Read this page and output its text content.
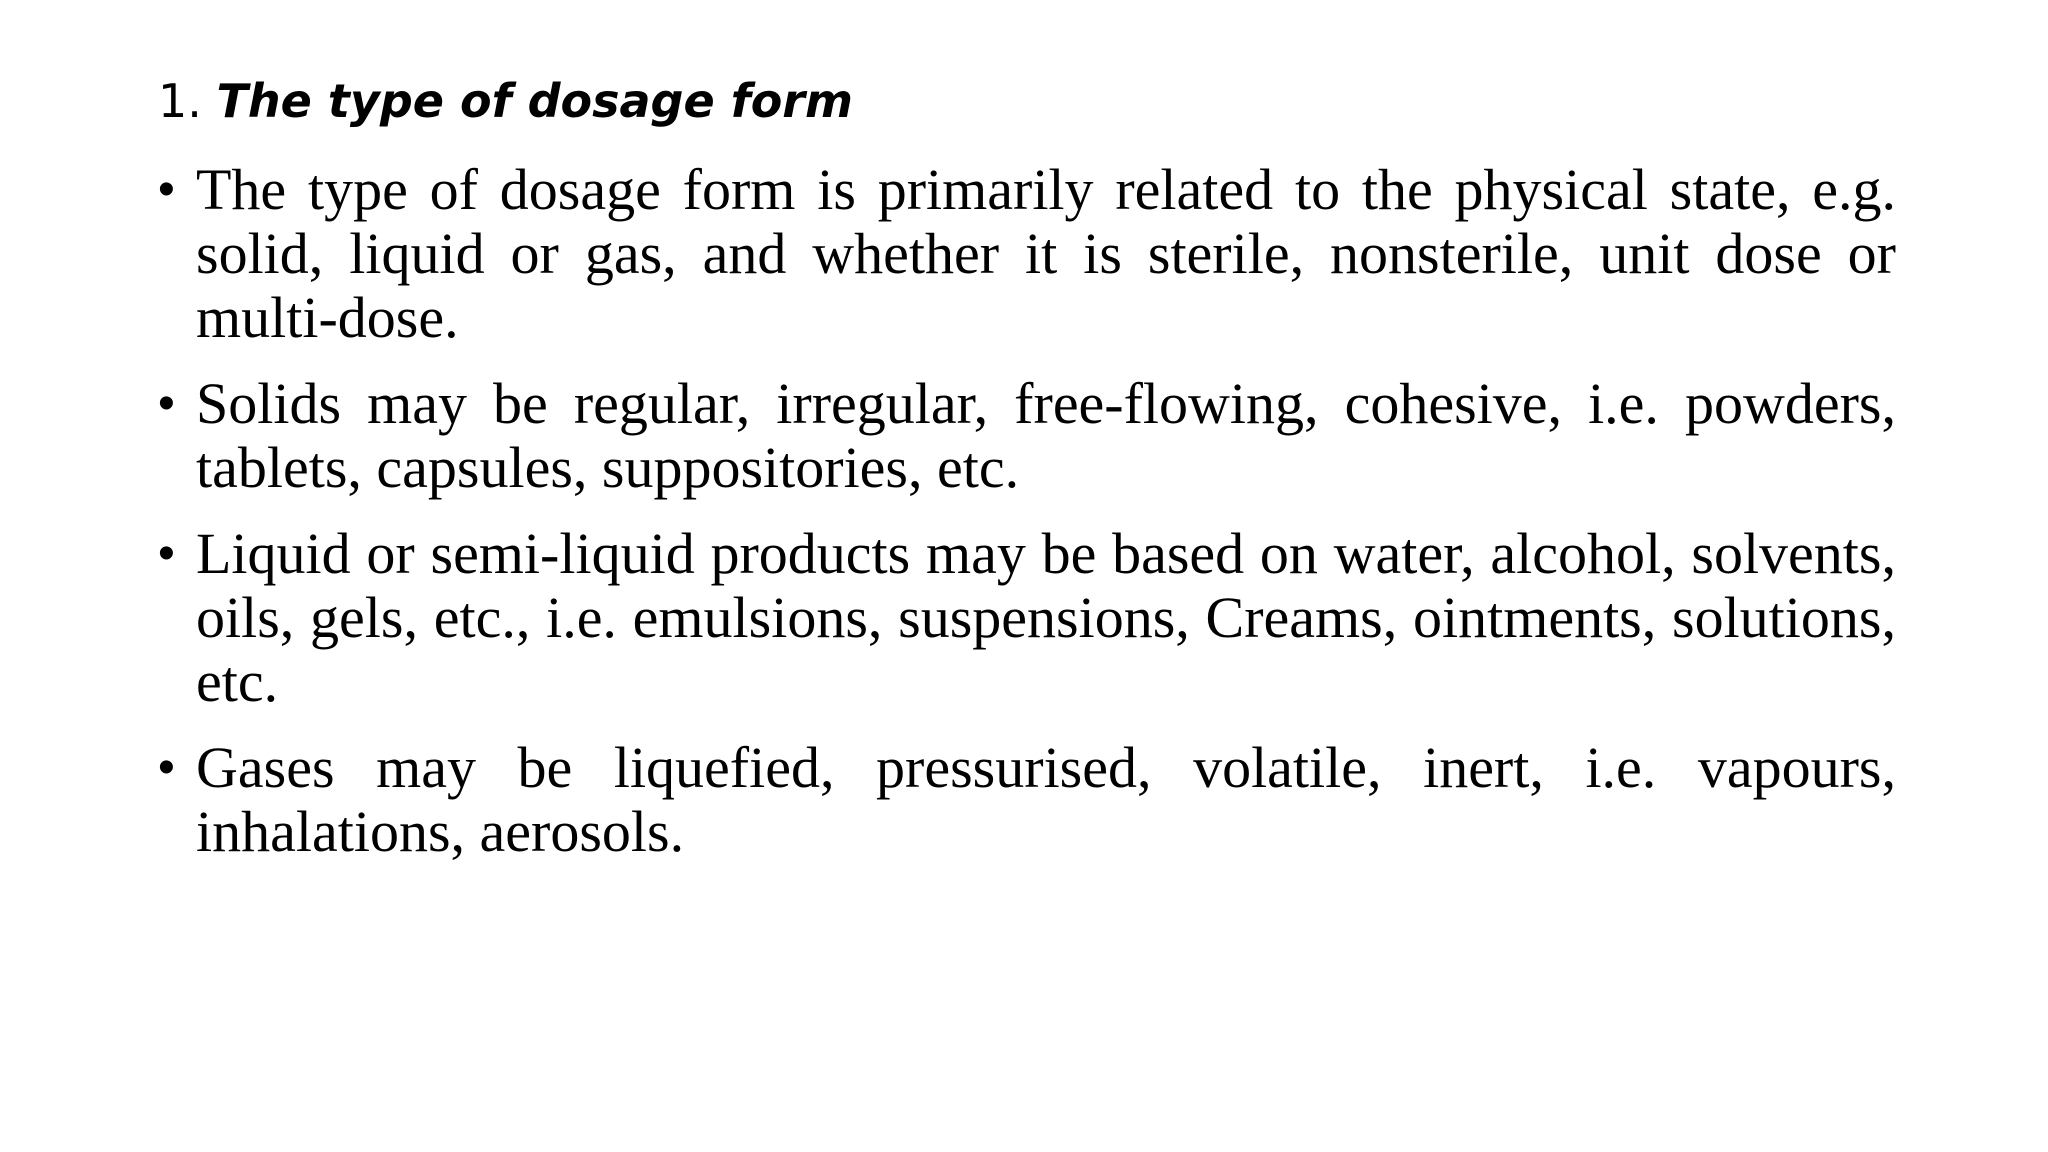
1. The type of dosage form
• The type of dosage form is primarily related to the physical state, e.g. solid, liquid or gas, and whether it is sterile, nonsterile, unit dose or multi-dose.
• Solids may be regular, irregular, free-flowing, cohesive, i.e. powders, tablets, capsules, suppositories, etc.
• Liquid or semi-liquid products may be based on water, alcohol, solvents, oils, gels, etc., i.e. emulsions, suspensions, Creams, ointments, solutions, etc.
• Gases may be liquefied, pressurised, volatile, inert, i.e. vapours, inhalations, aerosols.
